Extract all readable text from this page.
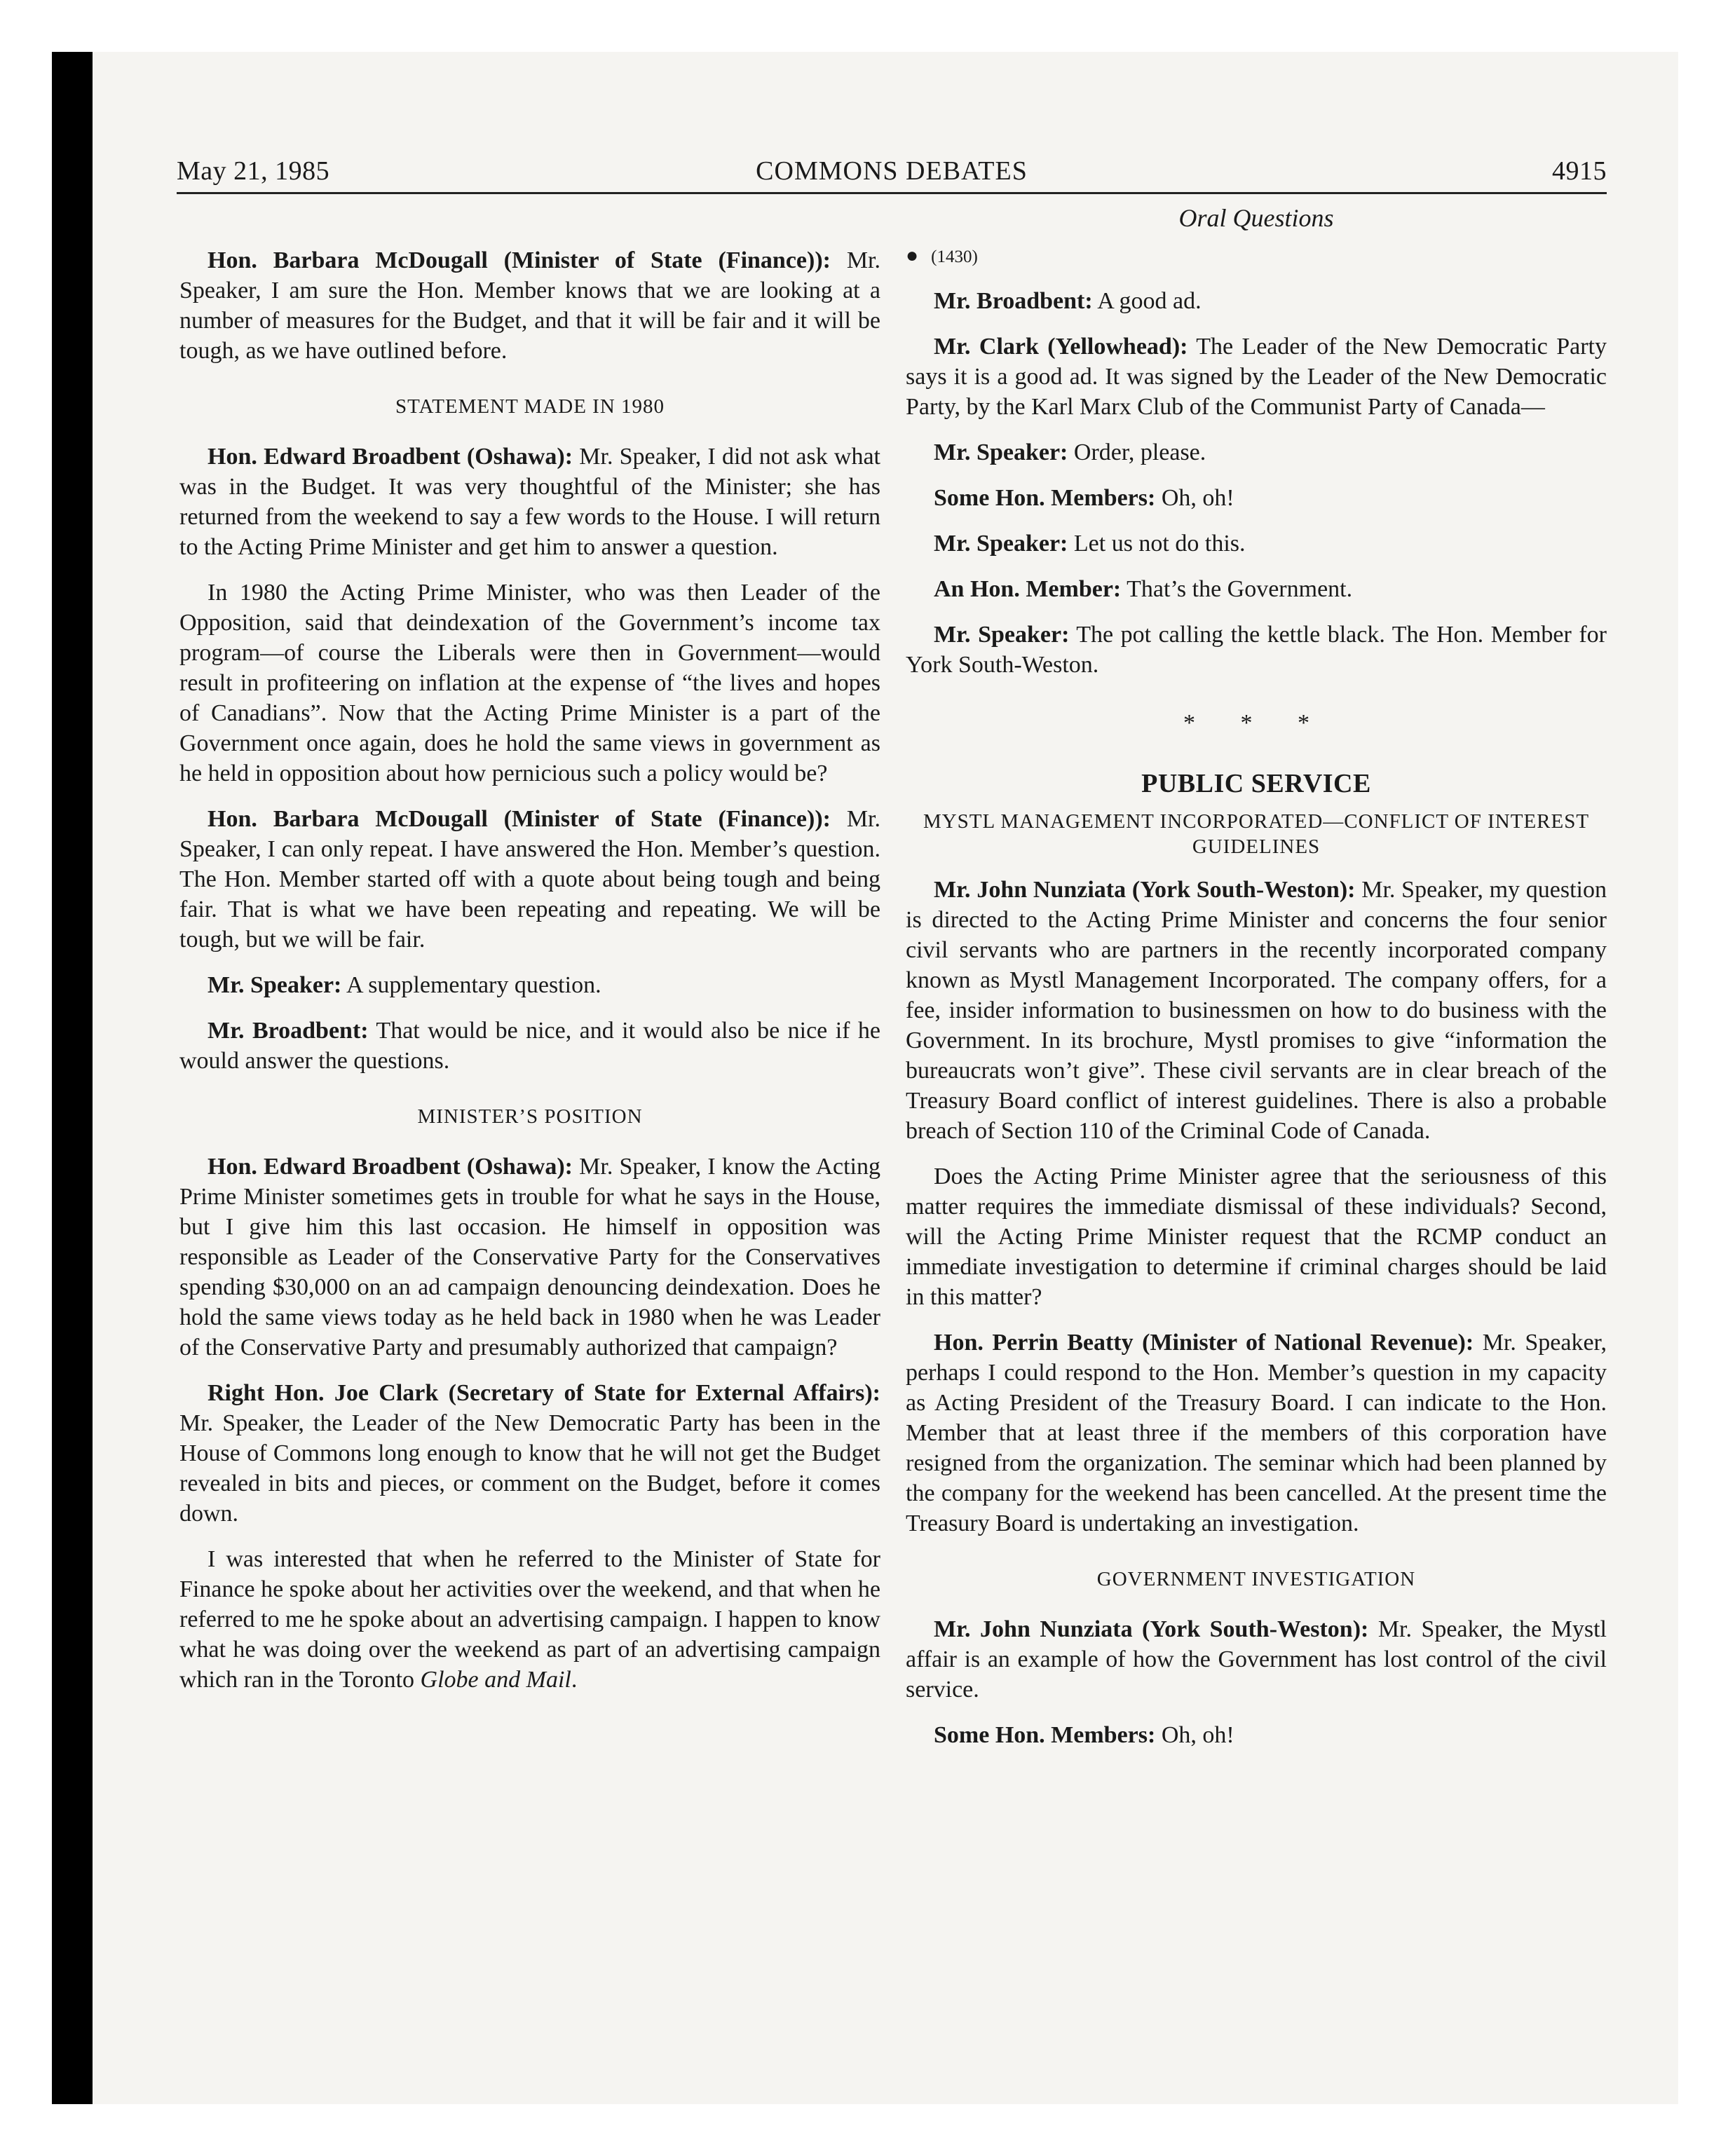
May 21, 1985	COMMONS DEBATES	4915

Hon. Barbara McDougall (Minister of State (Finance)): Mr. Speaker, I am sure the Hon. Member knows that we are looking at a number of measures for the Budget, and that it will be fair and it will be tough, as we have outlined before.

STATEMENT MADE IN 1980

Hon. Edward Broadbent (Oshawa): Mr. Speaker, I did not ask what was in the Budget. It was very thoughtful of the Minister; she has returned from the weekend to say a few words to the House. I will return to the Acting Prime Minister and get him to answer a question.

In 1980 the Acting Prime Minister, who was then Leader of the Opposition, said that deindexation of the Government’s income tax program—of course the Liberals were then in Government—would result in profiteering on inflation at the expense of “the lives and hopes of Canadians”. Now that the Acting Prime Minister is a part of the Government once again, does he hold the same views in government as he held in opposition about how pernicious such a policy would be?

Hon. Barbara McDougall (Minister of State (Finance)): Mr. Speaker, I can only repeat. I have answered the Hon. Member’s question. The Hon. Member started off with a quote about being tough and being fair. That is what we have been repeating and repeating. We will be tough, but we will be fair.

Mr. Speaker: A supplementary question.

Mr. Broadbent: That would be nice, and it would also be nice if he would answer the questions.

MINISTER’S POSITION

Hon. Edward Broadbent (Oshawa): Mr. Speaker, I know the Acting Prime Minister sometimes gets in trouble for what he says in the House, but I give him this last occasion. He himself in opposition was responsible as Leader of the Conservative Party for the Conservatives spending $30,000 on an ad campaign denouncing deindexation. Does he hold the same views today as he held back in 1980 when he was Leader of the Conservative Party and presumably authorized that campaign?

Right Hon. Joe Clark (Secretary of State for External Affairs): Mr. Speaker, the Leader of the New Democratic Party has been in the House of Commons long enough to know that he will not get the Budget revealed in bits and pieces, or comment on the Budget, before it comes down.

I was interested that when he referred to the Minister of State for Finance he spoke about her activities over the weekend, and that when he referred to me he spoke about an advertising campaign. I happen to know what he was doing over the weekend as part of an advertising campaign which ran in the Toronto Globe and Mail.

Oral Questions
● (1430)

Mr. Broadbent: A good ad.

Mr. Clark (Yellowhead): The Leader of the New Democratic Party says it is a good ad. It was signed by the Leader of the New Democratic Party, by the Karl Marx Club of the Communist Party of Canada—

Mr. Speaker: Order, please.

Some Hon. Members: Oh, oh!

Mr. Speaker: Let us not do this.

An Hon. Member: That’s the Government.

Mr. Speaker: The pot calling the kettle black. The Hon. Member for York South-Weston.

* * *
PUBLIC SERVICE
MYSTL MANAGEMENT INCORPORATED—CONFLICT OF INTEREST GUIDELINES

Mr. John Nunziata (York South-Weston): Mr. Speaker, my question is directed to the Acting Prime Minister and concerns the four senior civil servants who are partners in the recently incorporated company known as Mystl Management Incorporated. The company offers, for a fee, insider information to businessmen on how to do business with the Government. In its brochure, Mystl promises to give “information the bureaucrats won’t give”. These civil servants are in clear breach of the Treasury Board conflict of interest guidelines. There is also a probable breach of Section 110 of the Criminal Code of Canada.

Does the Acting Prime Minister agree that the seriousness of this matter requires the immediate dismissal of these individuals? Second, will the Acting Prime Minister request that the RCMP conduct an immediate investigation to determine if criminal charges should be laid in this matter?

Hon. Perrin Beatty (Minister of National Revenue): Mr. Speaker, perhaps I could respond to the Hon. Member’s question in my capacity as Acting President of the Treasury Board. I can indicate to the Hon. Member that at least three if the members of this corporation have resigned from the organization. The seminar which had been planned by the company for the weekend has been cancelled. At the present time the Treasury Board is undertaking an investigation.

GOVERNMENT INVESTIGATION

Mr. John Nunziata (York South-Weston): Mr. Speaker, the Mystl affair is an example of how the Government has lost control of the civil service.

Some Hon. Members: Oh, oh!
